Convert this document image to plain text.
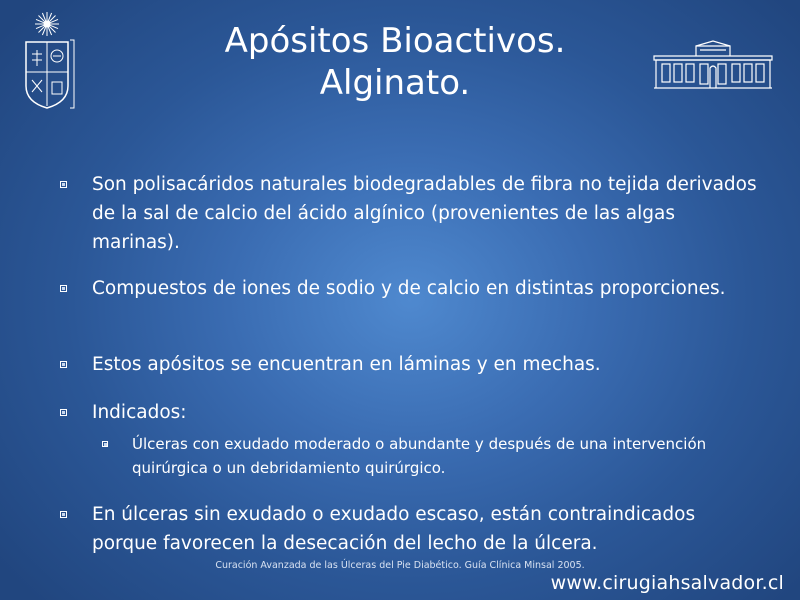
Apósitos Bioactivos.
Alginato.
Son polisacáridos naturales biodegradables de fibra no tejida derivados de la sal de calcio del ácido algínico (provenientes de las algas marinas).
Compuestos de iones de sodio y de calcio en distintas proporciones.
Estos apósitos se encuentran en láminas y en mechas.
Indicados:
Úlceras con exudado moderado o abundante y después de una intervención quirúrgica o un debridamiento quirúrgico.
En úlceras sin exudado o exudado escaso, están contraindicados porque favorecen la desecación del lecho de la úlcera.
Curación Avanzada de las Úlceras del Pie Diabético. Guía Clínica Minsal 2005.
www.cirugiahsalvador.cl
